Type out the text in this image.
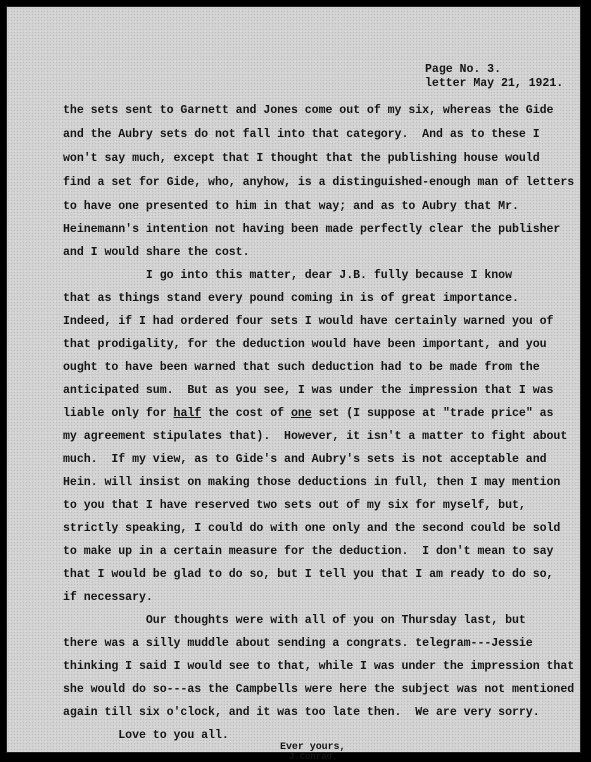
Page No. 3.
letter May 21, 1921.
the sets sent to Garnett and Jones come out of my six, whereas the Gide
and the Aubry sets do not fall into that category.  And as to these I
won't say much, except that I thought that the publishing house would
find a set for Gide, who, anyhow, is a distinguished-enough man of letters
to have one presented to him in that way; and as to Aubry that Mr.
Heinemann's intention not having been made perfectly clear the publisher
and I would share the cost.
I go into this matter, dear J.B. fully because I know
that as things stand every pound coming in is of great importance.
Indeed, if I had ordered four sets I would have certainly warned you of
that prodigality, for the deduction would have been important, and you
ought to have been warned that such deduction had to be made from the
anticipated sum.  But as you see, I was under the impression that I was
liable only for half the cost of one set (I suppose at "trade price" as
my agreement stipulates that).  However, it isn't a matter to fight about
much.  If my view, as to Gide's and Aubry's sets is not acceptable and
Hein. will insist on making those deductions in full, then I may mention
to you that I have reserved two sets out of my six for myself, but,
strictly speaking, I could do with one only and the second could be sold
to make up in a certain measure for the deduction.  I don't mean to say
that I would be glad to do so, but I tell you that I am ready to do so,
if necessary.
Our thoughts were with all of you on Thursday last, but
there was a silly muddle about sending a congrats. telegram---Jessie
thinking I said I would see to that, while I was under the impression that
she would do so---as the Campbells were here the subject was not mentioned
again till six o'clock, and it was too late then.  We are very sorry.
Love to you all.
Ever yours,
J.Conrad.
